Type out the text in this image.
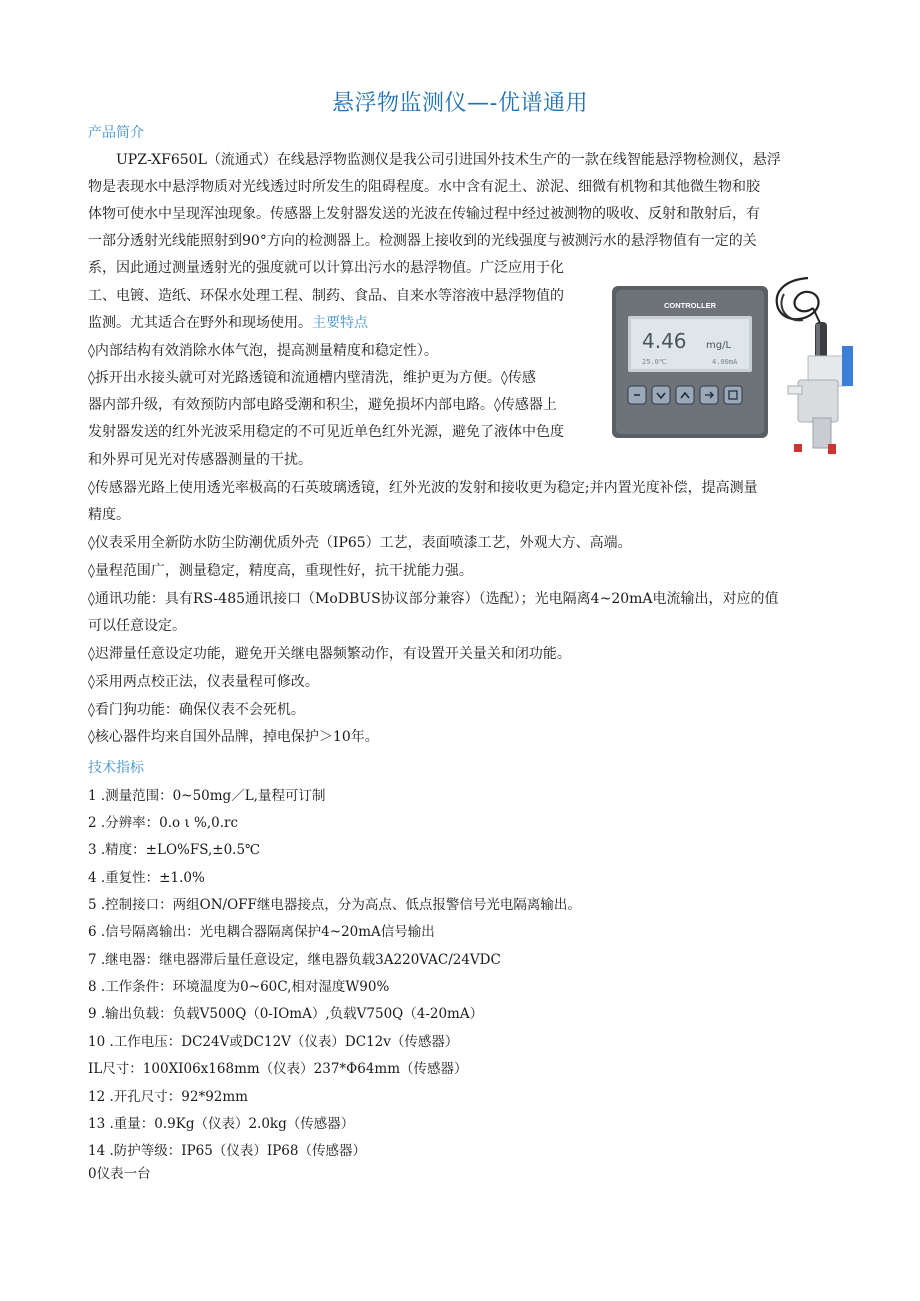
悬浮物监测仪—-优谱通用
产品简介
UPZ-XF650L（流通式）在线悬浮物监测仪是我公司引进国外技术生产的一款在线智能悬浮物检测仪，悬浮
物是表现水中悬浮物质对光线透过时所发生的阻碍程度。水中含有泥土、淤泥、细微有机物和其他微生物和胶
体物可使水中呈现浑浊现象。传感器上发射器发送的光波在传输过程中经过被测物的吸收、反射和散射后，有
一部分透射光线能照射到90°方向的检测器上。检测器上接收到的光线强度与被测污水的悬浮物值有一定的关
系，因此通过测量透射光的强度就可以计算出污水的悬浮物值。广泛应用于化
工、电镀、造纸、环保水处理工程、制药、食品、自来水等溶液中悬浮物值的
监测。尤其适合在野外和现场使用。主要特点
◊内部结构有效消除水体气泡，提高测量精度和稳定性）。
◊拆开出水接头就可对光路透镜和流通槽内壁清洗，维护更为方便。◊传感
器内部升级，有效预防内部电路受潮和积尘，避免损坏内部电路。◊传感器上
发射器发送的红外光波采用稳定的不可见近单色红外光源，避免了液体中色度
和外界可见光对传感器测量的干扰。
◊传感器光路上使用透光率极高的石英玻璃透镜，红外光波的发射和接收更为稳定;并内置光度补偿，提高测量
精度。
◊仪表采用全新防水防尘防潮优质外壳（IP65）工艺，表面喷漆工艺，外观大方、高端。
◊量程范围广，测量稳定，精度高，重现性好，抗干扰能力强。
◊通讯功能：具有RS-485通讯接口（MoDBUS协议部分兼容）（选配）；光电隔离4~20mA电流输出，对应的值
可以任意设定。
◊迟滞量任意设定功能，避免开关继电器频繁动作，有设置开关量关和闭功能。
◊采用两点校正法，仪表量程可修改。
◊看门狗功能：确保仪表不会死机。
◊核心器件均来自国外品牌，掉电保护＞10年。
技术指标
1 .测量范围：0~50mg／L,量程可订制
2 .分辨率：0.ο ι %,0.rc
3 .精度：±LO%FS,±0.5℃
4 .重复性：±1.0%
5 .控制接口：两组ON/OFF继电器接点，分为高点、低点报警信号光电隔离输出。
6 .信号隔离输出：光电耦合器隔离保护4~20mA信号输出
7 .继电器：继电器滞后量任意设定，继电器负载3A220VAC/24VDC
8 .工作条件：环境温度为0~60C,相对湿度W90%
9 .输出负载：负载V500Q（0-IOmA）,负载V750Q（4-20mA）
10 .工作电压：DC24V或DC12V（仪表）DC12v（传感器）
IL尺寸：100XI06x168mm（仪表）237*Φ64mm（传感器）
12 .开孔尺寸：92*92mm
13 .重量：0.9Kg（仪表）2.0kg（传感器）
14 .防护等级：IP65（仪表）IP68（传感器）
0仪表一台
CONTROLLER
4.46 mg/L
25.0℃	4.00mA
